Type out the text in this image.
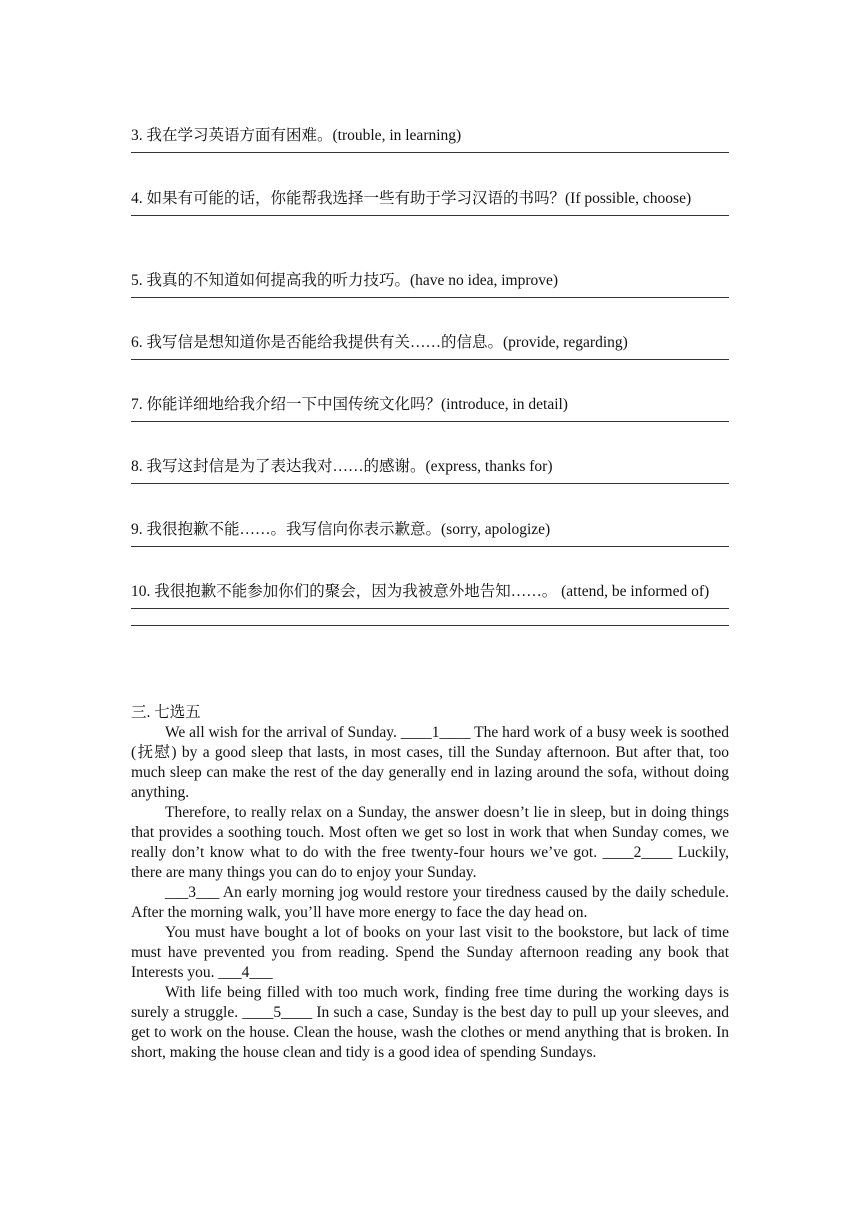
3. 我在学习英语方面有困难。(trouble, in learning)
4. 如果有可能的话，你能帮我选择一些有助于学习汉语的书吗？(If possible, choose)
5. 我真的不知道如何提高我的听力技巧。(have no idea, improve)
6. 我写信是想知道你是否能给我提供有关……的信息。(provide, regarding)
7. 你能详细地给我介绍一下中国传统文化吗？(introduce, in detail)
8. 我写这封信是为了表达我对……的感谢。(express, thanks for)
9. 我很抱歉不能……。我写信向你表示歉意。(sorry, apologize)
10. 我很抱歉不能参加你们的聚会，因为我被意外地告知……。 (attend, be informed of)
三. 七选五

We all wish for the arrival of Sunday. ____1____ The hard work of a busy week is soothed (抚慰) by a good sleep that lasts, in most cases, till the Sunday afternoon. But after that, too much sleep can make the rest of the day generally end in lazing around the sofa, without doing anything.

Therefore, to really relax on a Sunday, the answer doesn’t lie in sleep, but in doing things that provides a soothing touch. Most often we get so lost in work that when Sunday comes, we really don’t know what to do with the free twenty-four hours we’ve got. ____2____ Luckily, there are many things you can do to enjoy your Sunday.

___3___ An early morning jog would restore your tiredness caused by the daily schedule. After the morning walk, you’ll have more energy to face the day head on.

You must have bought a lot of books on your last visit to the bookstore, but lack of time must have prevented you from reading. Spend the Sunday afternoon reading any book that Interests you. ___4___

With life being filled with too much work, finding free time during the working days is surely a struggle. ____5____ In such a case, Sunday is the best day to pull up your sleeves, and get to work on the house. Clean the house, wash the clothes or mend anything that is broken. In short, making the house clean and tidy is a good idea of spending Sundays.
